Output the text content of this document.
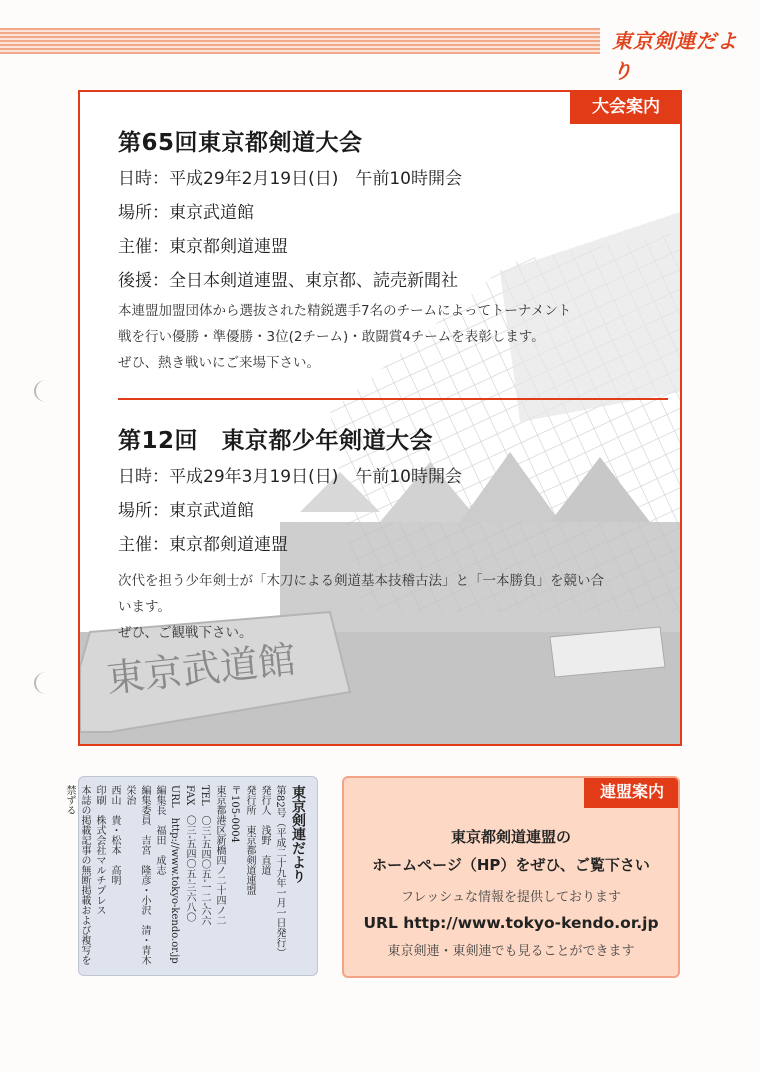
東京剣連だより
東京武道館
大会案内
第65回東京都剣道大会
日時：平成29年2月19日(日)　午前10時開会
場所：東京武道館
主催：東京都剣道連盟
後援：全日本剣道連盟、東京都、読売新聞社
本連盟加盟団体から選抜された精鋭選手7名のチームによってトーナメント
戦を行い優勝・準優勝・3位(2チーム)・敢闘賞4チームを表彰します。
ぜひ、熱き戦いにご来場下さい。
第12回　東京都少年剣道大会
日時：平成29年3月19日(日)　午前10時開会
場所：東京武道館
主催：東京都剣道連盟
次代を担う少年剣士が「木刀による剣道基本技稽古法」と「一本勝負」を競い合
います。
ぜひ、ご観戦下さい。
東京剣連だより
第82号（平成二十九年一月一日発行）
発行人　浅野　直道
発行所　東京都剣道連盟
〒105-0004
東京都港区新橋四ノ二十四ノ二
TEL　〇三-五四〇五-一二-六六
FAX　〇三-五四〇五-三六八〇
URL　http://www.tokyo-kendo.or.jp
編集長　福田　成志
編集委員　吉宮　隆彦・小沢　清・青木　栄治
西山　貴・松本　高明
印刷　株式会社マルチプレス
本誌の掲載記事の無断掲載および複写を禁ずる	連盟案内
東京都剣道連盟の
ホームページ（HP）をぜひ、ご覧下さい
フレッシュな情報を提供しております
URL http://www.tokyo-kendo.or.jp
東京剣連・東剣連でも見ることができます
